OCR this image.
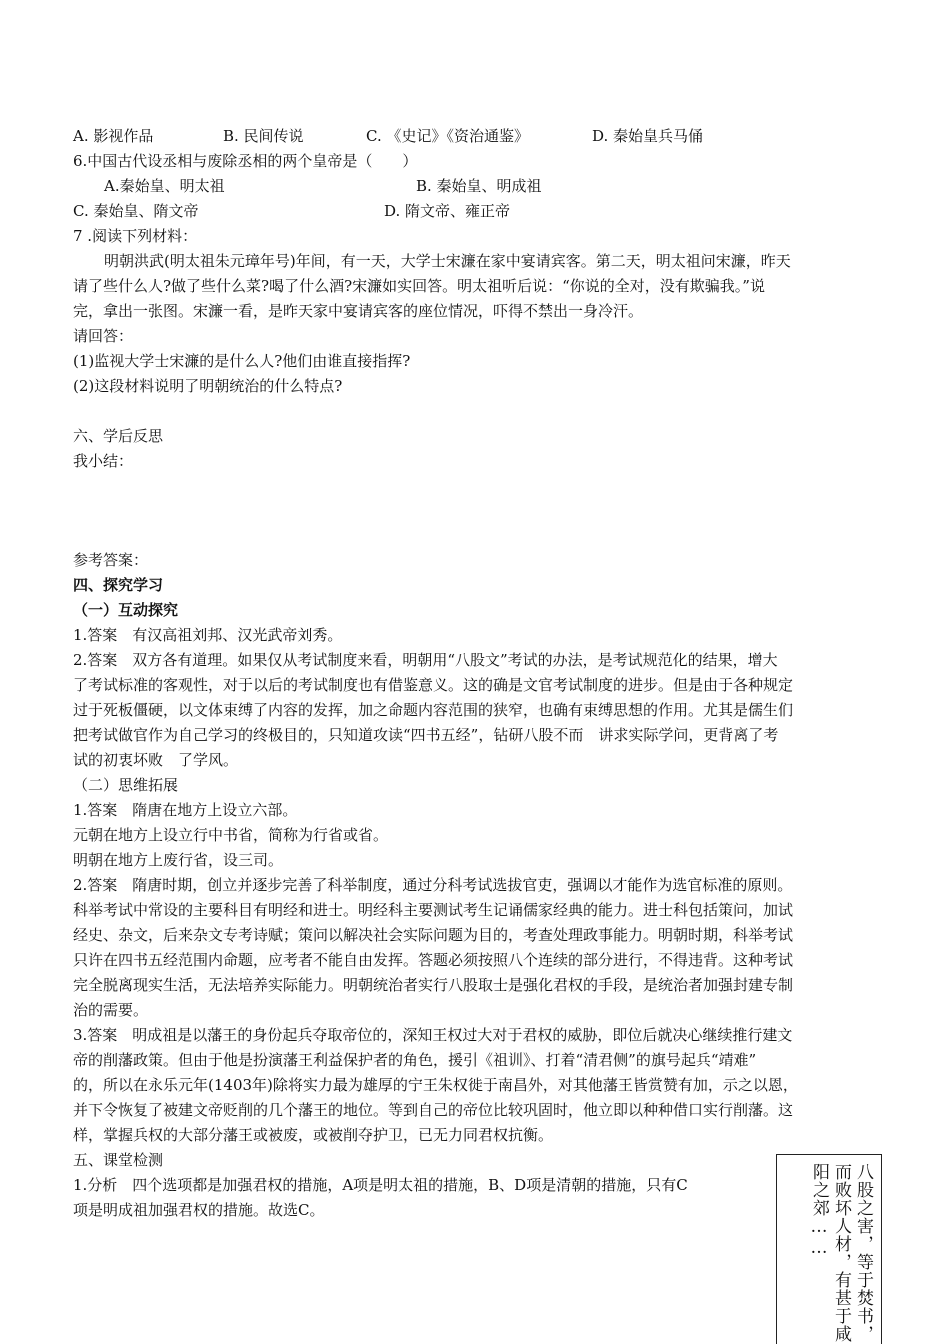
A. 影视作品	B. 民间传说	C. 《史记》《资治通鉴》	D. 秦始皇兵马俑
6.中国古代设丞相与废除丞相的两个皇帝是（　　）
A.秦始皇、明太祖	B. 秦始皇、明成祖
C. 秦始皇、隋文帝	D. 隋文帝、雍正帝
7 .阅读下列材料：
明朝洪武(明太祖朱元璋年号)年间，有一天，大学士宋濂在家中宴请宾客。第二天，明太祖问宋濂，昨天
请了些什么人?做了些什么菜?喝了什么酒?宋濂如实回答。明太祖听后说：“你说的全对，没有欺骗我。”说
完，拿出一张图。宋濂一看，是昨天家中宴请宾客的座位情况，吓得不禁出一身冷汗。
请回答：
(1)监视大学士宋濂的是什么人?他们由谁直接指挥?
(2)这段材料说明了明朝统治的什么特点?
六、学后反思
我小结：
参考答案：
四、探究学习
（一）互动探究
1.答案　有汉高祖刘邦、汉光武帝刘秀。
2.答案　双方各有道理。如果仅从考试制度来看，明朝用“八股文”考试的办法，是考试规范化的结果，增大
了考试标准的客观性，对于以后的考试制度也有借鉴意义。这的确是文官考试制度的进步。但是由于各种规定
过于死板僵硬，以文体束缚了内容的发挥，加之命题内容范围的狭窄，也确有束缚思想的作用。尤其是儒生们
把考试做官作为自己学习的终极目的，只知道攻读“四书五经”，钻研八股不而　讲求实际学问，更背离了考
试的初衷坏败　了学风。
（二）思维拓展
1.答案　隋唐在地方上设立六部。
元朝在地方上设立行中书省，简称为行省或省。
明朝在地方上废行省，设三司。
2.答案　隋唐时期，创立并逐步完善了科举制度，通过分科考试选拔官吏，强调以才能作为选官标准的原则。
科举考试中常设的主要科目有明经和进士。明经科主要测试考生记诵儒家经典的能力。进士科包括策问，加试
经史、杂文，后来杂文专考诗赋；策问以解决社会实际问题为目的，考查处理政事能力。明朝时期，科举考试
只许在四书五经范围内命题，应考者不能自由发挥。答题必须按照八个连续的部分进行，不得违背。这种考试
完全脱离现实生活，无法培养实际能力。明朝统治者实行八股取士是强化君权的手段，是统治者加强封建专制
治的需要。
3.答案　明成祖是以藩王的身份起兵夺取帝位的，深知王权过大对于君权的威胁，即位后就决心继续推行建文
帝的削藩政策。但由于他是扮演藩王利益保护者的角色，援引《祖训》、打着“清君侧”的旗号起兵“靖难”
的，所以在永乐元年(1403年)除将实力最为雄厚的宁王朱权徙于南昌外，对其他藩王皆赏赞有加，示之以恩，
并下令恢复了被建文帝贬削的几个藩王的地位。等到自己的帝位比较巩固时，他立即以种种借口实行削藩。这
样，掌握兵权的大部分藩王或被废，或被削夺护卫，已无力同君权抗衡。
五、课堂检测
1.分析　四个选项都是加强君权的措施，A项是明太祖的措施，B、D项是清朝的措施，只有C
项是明成祖加强君权的措施。故选C。	八股之害，等于焚书，
而败坏人材，有甚于咸
阳之郊……
